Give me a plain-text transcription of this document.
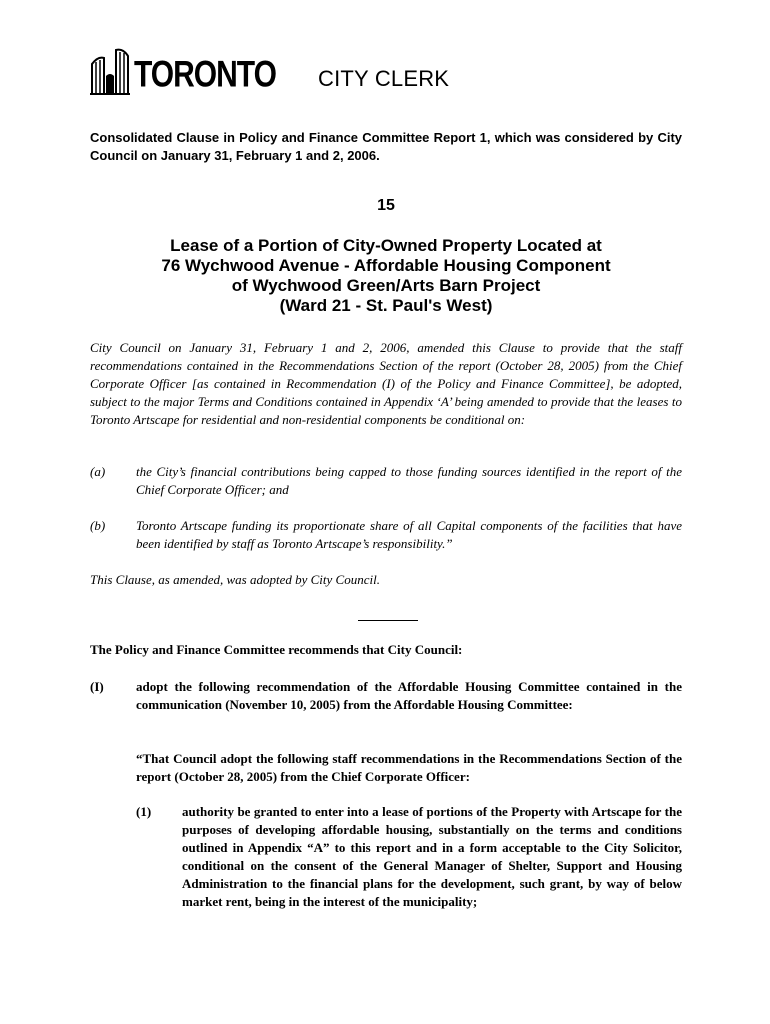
TORONTO CITY CLERK
Consolidated Clause in Policy and Finance Committee Report 1, which was considered by City Council on January 31, February 1 and 2, 2006.
15
Lease of a Portion of City-Owned Property Located at
76 Wychwood Avenue - Affordable Housing Component
of Wychwood Green/Arts Barn Project
(Ward 21 - St. Paul's West)
City Council on January 31, February 1 and 2, 2006, amended this Clause to provide that the staff recommendations contained in the Recommendations Section of the report (October 28, 2005) from the Chief Corporate Officer [as contained in Recommendation (I) of the Policy and Finance Committee], be adopted, subject to the major Terms and Conditions contained in Appendix ‘A’ being amended to provide that the leases to Toronto Artscape for residential and non-residential components be conditional on:
(a) the City’s financial contributions being capped to those funding sources identified in the report of the Chief Corporate Officer; and
(b) Toronto Artscape funding its proportionate share of all Capital components of the facilities that have been identified by staff as Toronto Artscape’s responsibility.”
This Clause, as amended, was adopted by City Council.
The Policy and Finance Committee recommends that City Council:
(I) adopt the following recommendation of the Affordable Housing Committee contained in the communication (November 10, 2005) from the Affordable Housing Committee:
“That Council adopt the following staff recommendations in the Recommendations Section of the report (October 28, 2005) from the Chief Corporate Officer:
(1) authority be granted to enter into a lease of portions of the Property with Artscape for the purposes of developing affordable housing, substantially on the terms and conditions outlined in Appendix “A” to this report and in a form acceptable to the City Solicitor, conditional on the consent of the General Manager of Shelter, Support and Housing Administration to the financial plans for the development, such grant, by way of below market rent, being in the interest of the municipality;
